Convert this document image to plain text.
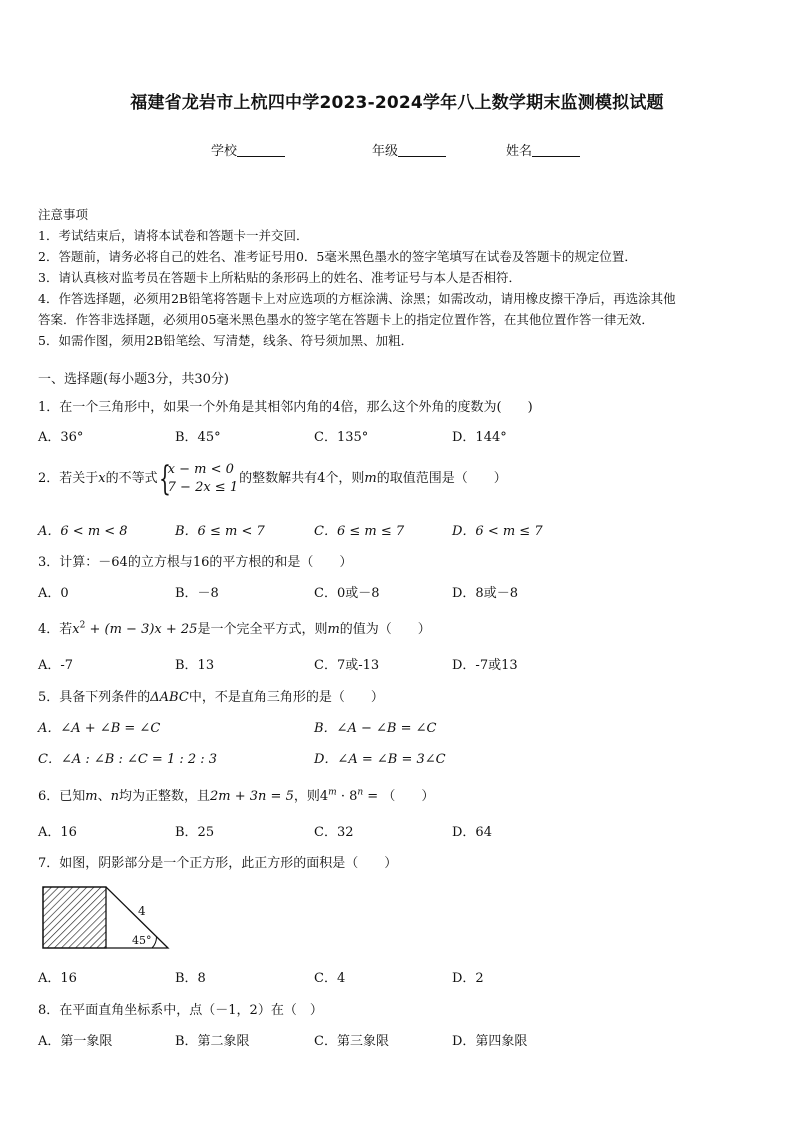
福建省龙岩市上杭四中学2023-2024学年八上数学期末监测模拟试题
学校	年级	姓名
注意事项
1．考试结束后，请将本试卷和答题卡一并交回．
2．答题前，请务必将自己的姓名、准考证号用0．5毫米黑色墨水的签字笔填写在试卷及答题卡的规定位置．
3．请认真核对监考员在答题卡上所粘贴的条形码上的姓名、准考证号与本人是否相符．
4．作答选择题，必须用2B铅笔将答题卡上对应选项的方框涂满、涂黑；如需改动，请用橡皮擦干净后，再选涂其他
答案．作答非选择题，必须用05毫米黑色墨水的签字笔在答题卡上的指定位置作答，在其他位置作答一律无效．
5．如需作图，须用2B铅笔绘、写清楚，线条、符号须加黑、加粗．
一、选择题(每小题3分，共30分)
1．在一个三角形中，如果一个外角是其相邻内角的4倍，那么这个外角的度数为(　　)
A．36°	B．45°	C．135°	D．144°
2．若关于x的不等式 {
x − m < 0
7 − 2x ≤ 1
的整数解共有4个，则m的取值范围是（　　）
A．6 < m < 8	B．6 ≤ m < 7	C．6 ≤ m ≤ 7	D．6 < m ≤ 7
3．计算：－64的立方根与16的平方根的和是（　　）
A．0	B．－8	C．0或－8	D．8或－8
4．若$x^2 + (m - 3)x + 25$是一个完全平方式，则m的值为（　　）
A．-7	B．13	C．7或-13	D．-7或13
5．具备下列条件的ΔABC中，不是直角三角形的是（　　）
A．∠A + ∠B = ∠C	B．∠A − ∠B = ∠C
C．∠A : ∠B : ∠C = 1 : 2 : 3	D．∠A = ∠B = 3∠C
6．已知m、n均为正整数，且2m + 3n = 5，则$4^m \cdot 8^n$ = （　　）
A．16	B．25	C．32	D．64
7．如图，阴影部分是一个正方形，此正方形的面积是（　　）
4
45°
A．16	B．8	C．4	D．2
8．在平面直角坐标系中，点（－1，2）在（　）
A．第一象限	B．第二象限	C．第三象限	D．第四象限
